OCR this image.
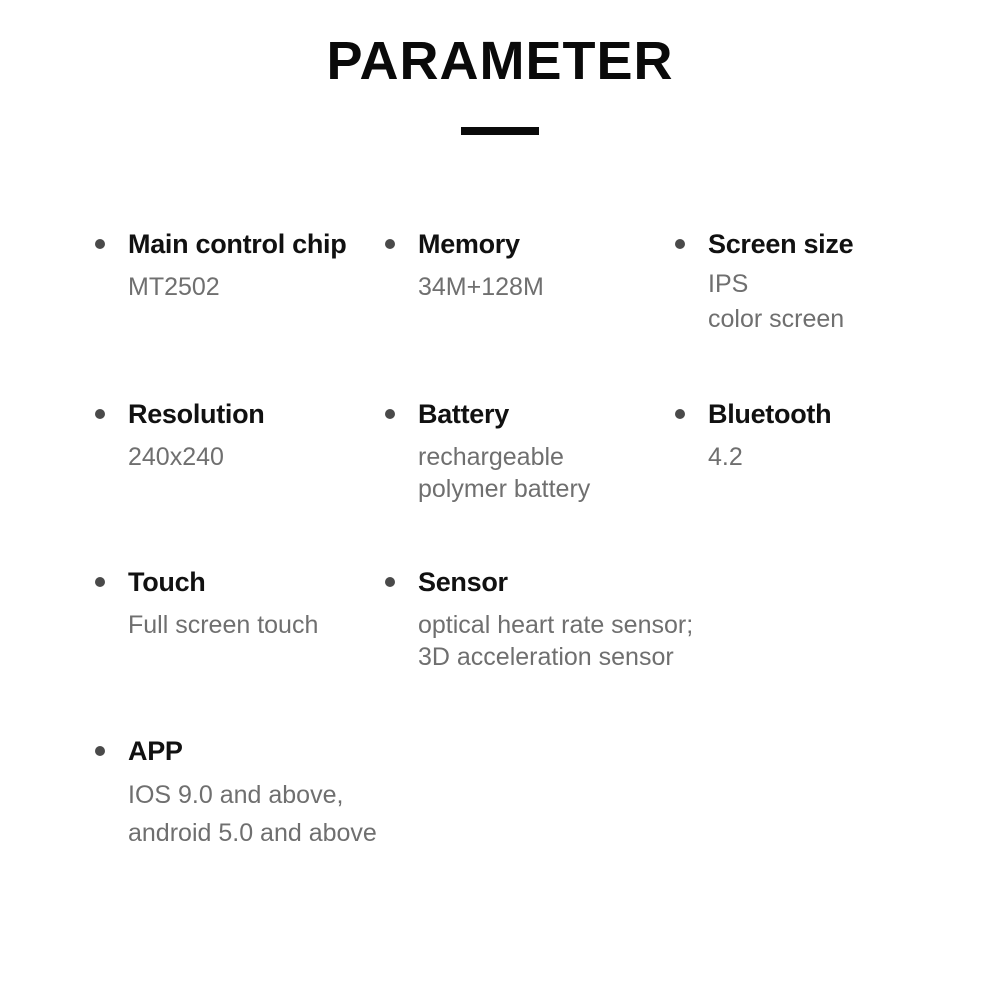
PARAMETER
Main control chip
MT2502
Memory
34M+128M
Screen size
IPS
color screen
Resolution
240x240
Battery
rechargeable
polymer battery
Bluetooth
4.2
Touch
Full screen touch
Sensor
optical heart rate sensor;
3D acceleration sensor
APP
IOS 9.0 and above,
android 5.0 and above
